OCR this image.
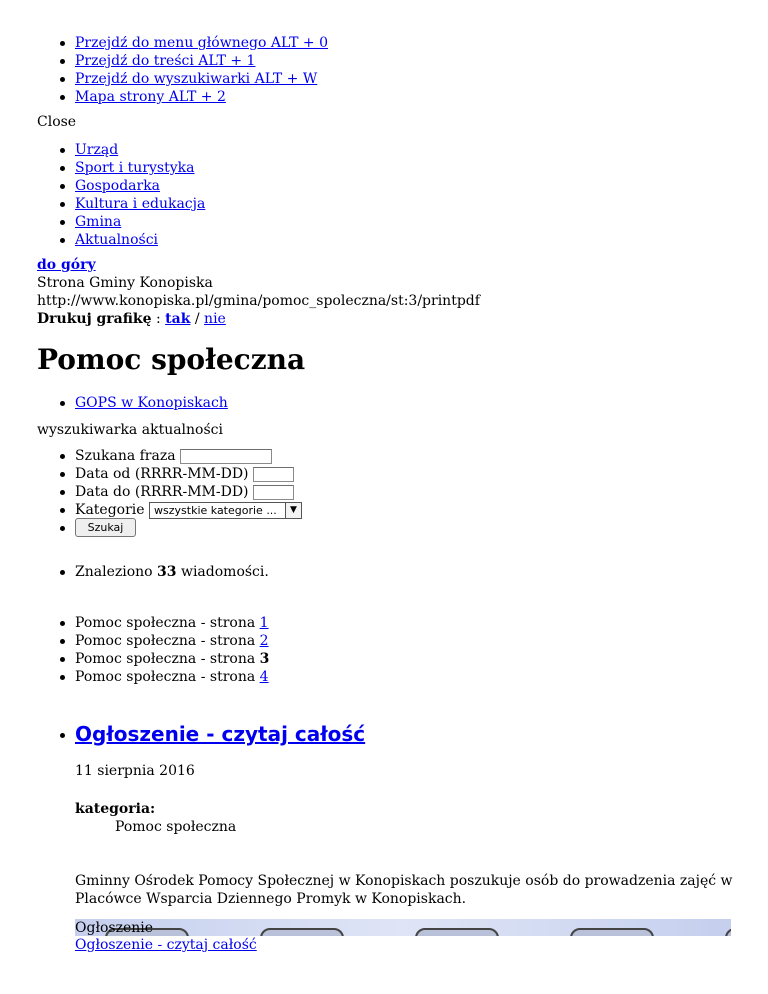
Przejdź do menu głównego ALT + 0
Przejdź do treści ALT + 1
Przejdź do wyszukiwarki ALT + W
Mapa strony ALT + 2
Close
Urząd
Sport i turystyka
Gospodarka
Kultura i edukacja
Gmina
Aktualności
do góry
Strona Gminy Konopiska
http://www.konopiska.pl/gmina/pomoc_spoleczna/st:3/printpdf
Drukuj grafikę : tak / nie
Pomoc społeczna
GOPS w Konopiskach
wyszukiwarka aktualności
Szukana fraza
Data od (RRRR-MM-DD)
Data do (RRRR-MM-DD)
Kategorie wszystkie kategorie ...	▼
Szukaj
Znaleziono 33 wiadomości.
Pomoc społeczna - strona 1
Pomoc społeczna - strona 2
Pomoc społeczna - strona 3
Pomoc społeczna - strona 4
Ogłoszenie - czytaj całość
11 sierpnia 2016
kategoria:
Pomoc społeczna
Gminny Ośrodek Pomocy Społecznej w Konopiskach poszukuje osób do prowadzenia zajęć w
Placówce Wsparcia Dziennego Promyk w Konopiskach.
Ogłoszenie
Ogłoszenie - czytaj całość
